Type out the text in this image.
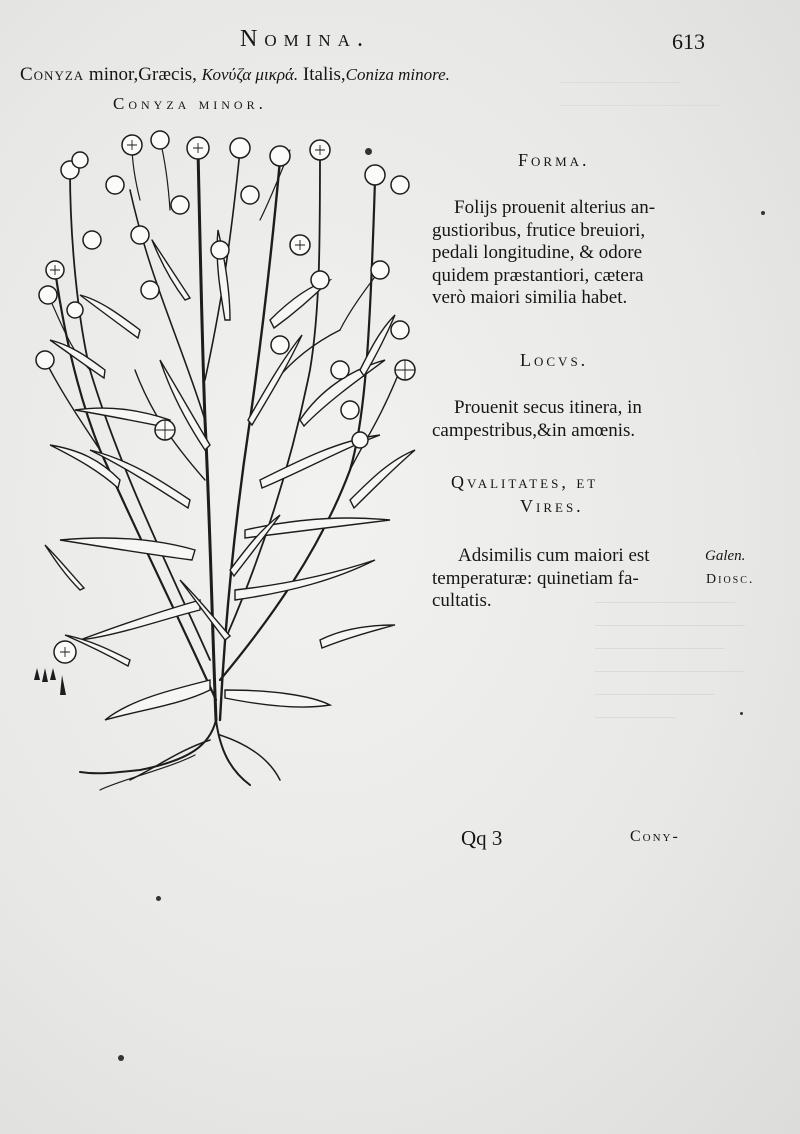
Nomina.	613
Conyza minor,Græcis, Κονύζα μικρά. Italis,Coniza minore.
Conyza minor.
Forma.
Folijs prouenit alterius an-
gustioribus, frutice breuiori,
pedali longitudine, & odore
quidem præstantiori, cætera
verò maiori similia habet.
Locvs.
Prouenit secus itinera, in
campestribus,&in amœnis.
Qvalitates, et
Vires.
Adsimilis cum maiori est
temperaturæ: quinetiam fa-
cultatis.
Galen.
Diosc.
Qq 3	Cony-
